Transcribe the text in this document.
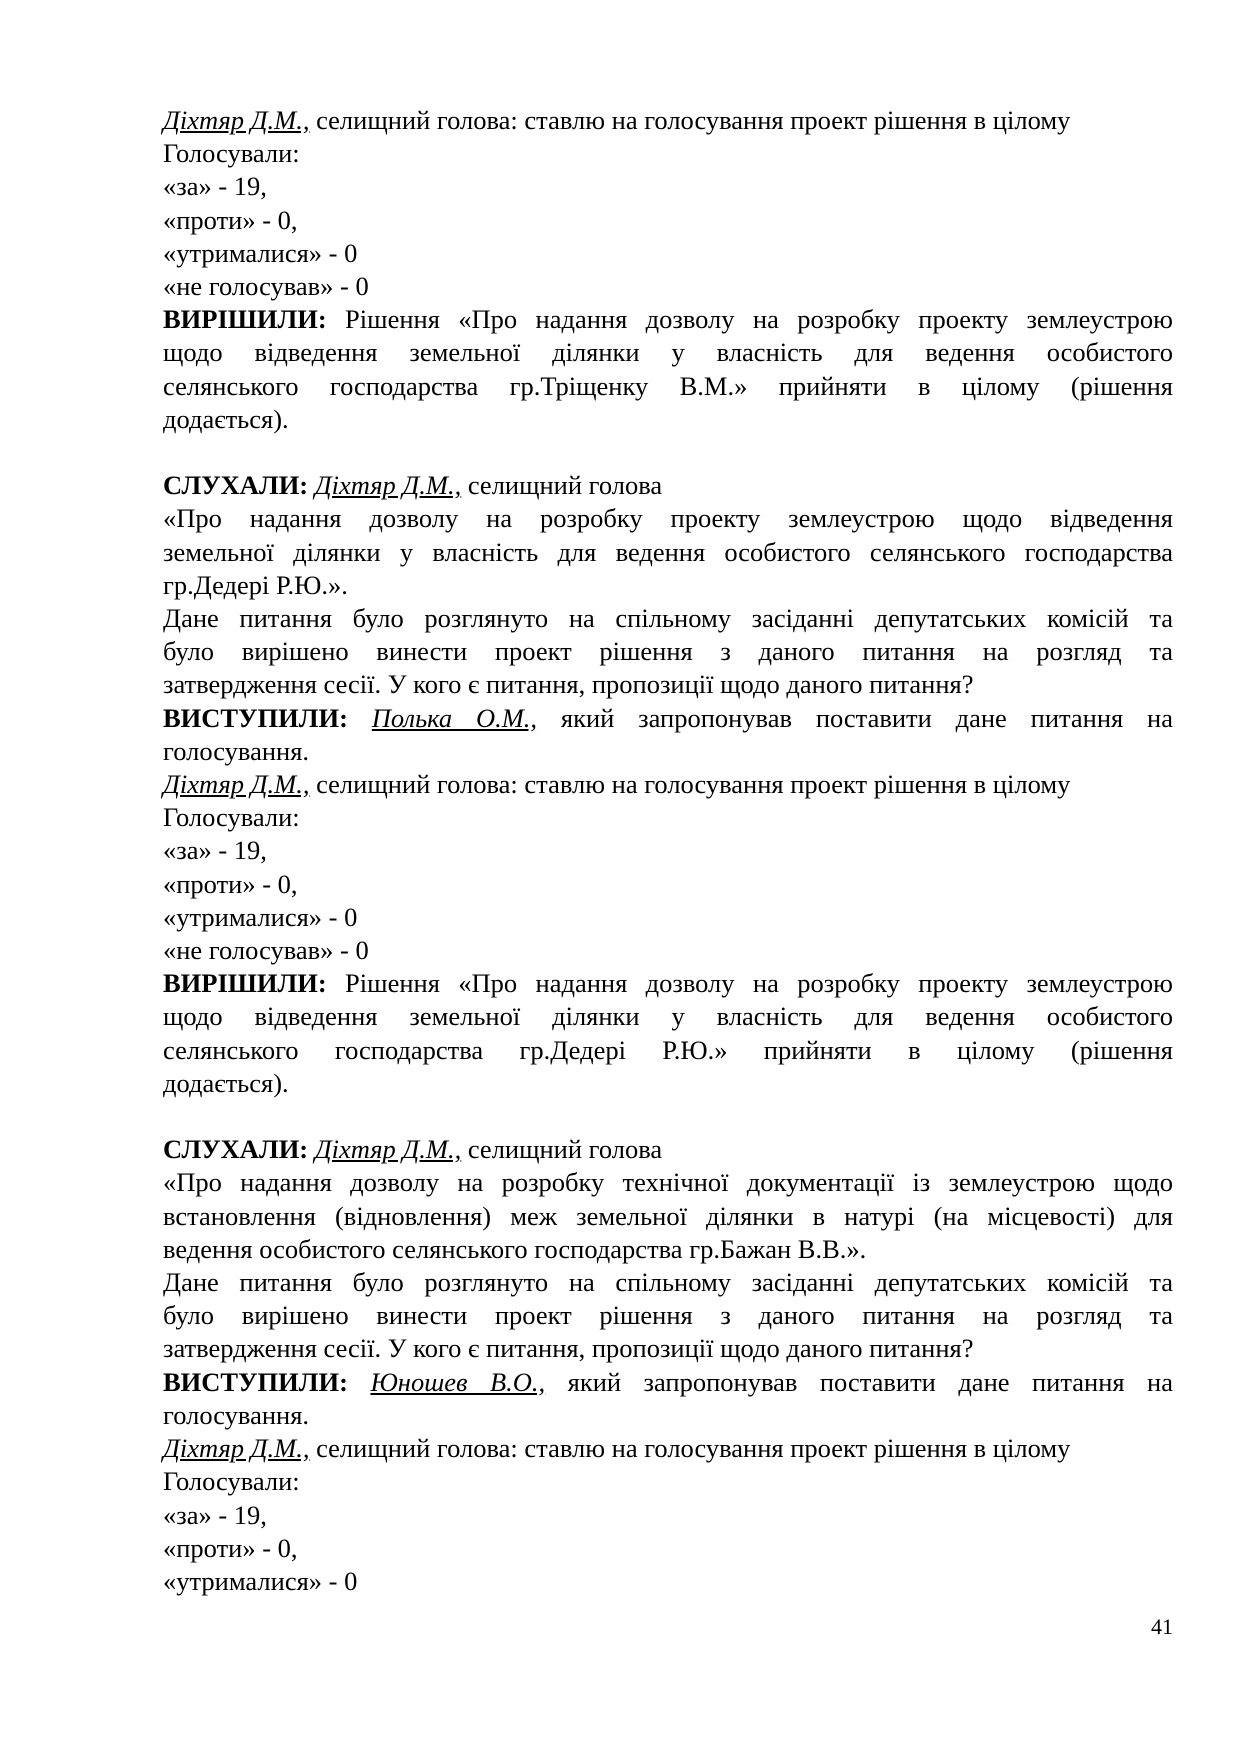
Діхтяр Д.М., селищний голова: ставлю на голосування проект рішення в цілому
Голосували:
«за» - 19,
«проти» - 0,
«утрималися» - 0
«не голосував» - 0
ВИРІШИЛИ: Рішення «Про надання дозволу на розробку проекту землеустрою
щодо відведення земельної ділянки у власність для ведення особистого
селянського господарства гр.Тріщенку В.М.» прийняти в цілому (рішення
додається).
СЛУХАЛИ: Діхтяр Д.М., селищний голова
«Про надання дозволу на розробку проекту землеустрою щодо відведення
земельної ділянки у власність для ведення особистого селянського господарства
гр.Дедері Р.Ю.».
Дане питання було розглянуто на спільному засіданні депутатських комісій та
було вирішено винести проект рішення з даного питання на розгляд та
затвердження сесії. У кого є питання, пропозиції щодо даного питання?
ВИСТУПИЛИ: Полька О.М., який запропонував поставити дане питання на
голосування.
Діхтяр Д.М., селищний голова: ставлю на голосування проект рішення в цілому
Голосували:
«за» - 19,
«проти» - 0,
«утрималися» - 0
«не голосував» - 0
ВИРІШИЛИ: Рішення «Про надання дозволу на розробку проекту землеустрою
щодо відведення земельної ділянки у власність для ведення особистого
селянського господарства гр.Дедері Р.Ю.» прийняти в цілому (рішення
додається).
СЛУХАЛИ: Діхтяр Д.М., селищний голова
«Про надання дозволу на розробку технічної документації із землеустрою щодо
встановлення (відновлення) меж земельної ділянки в натурі (на місцевості) для
ведення особистого селянського господарства гр.Бажан В.В.».
Дане питання було розглянуто на спільному засіданні депутатських комісій та
було вирішено винести проект рішення з даного питання на розгляд та
затвердження сесії. У кого є питання, пропозиції щодо даного питання?
ВИСТУПИЛИ: Юношев В.О., який запропонував поставити дане питання на
голосування.
Діхтяр Д.М., селищний голова: ставлю на голосування проект рішення в цілому
Голосували:
«за» - 19,
«проти» - 0,
«утрималися» - 0
41
